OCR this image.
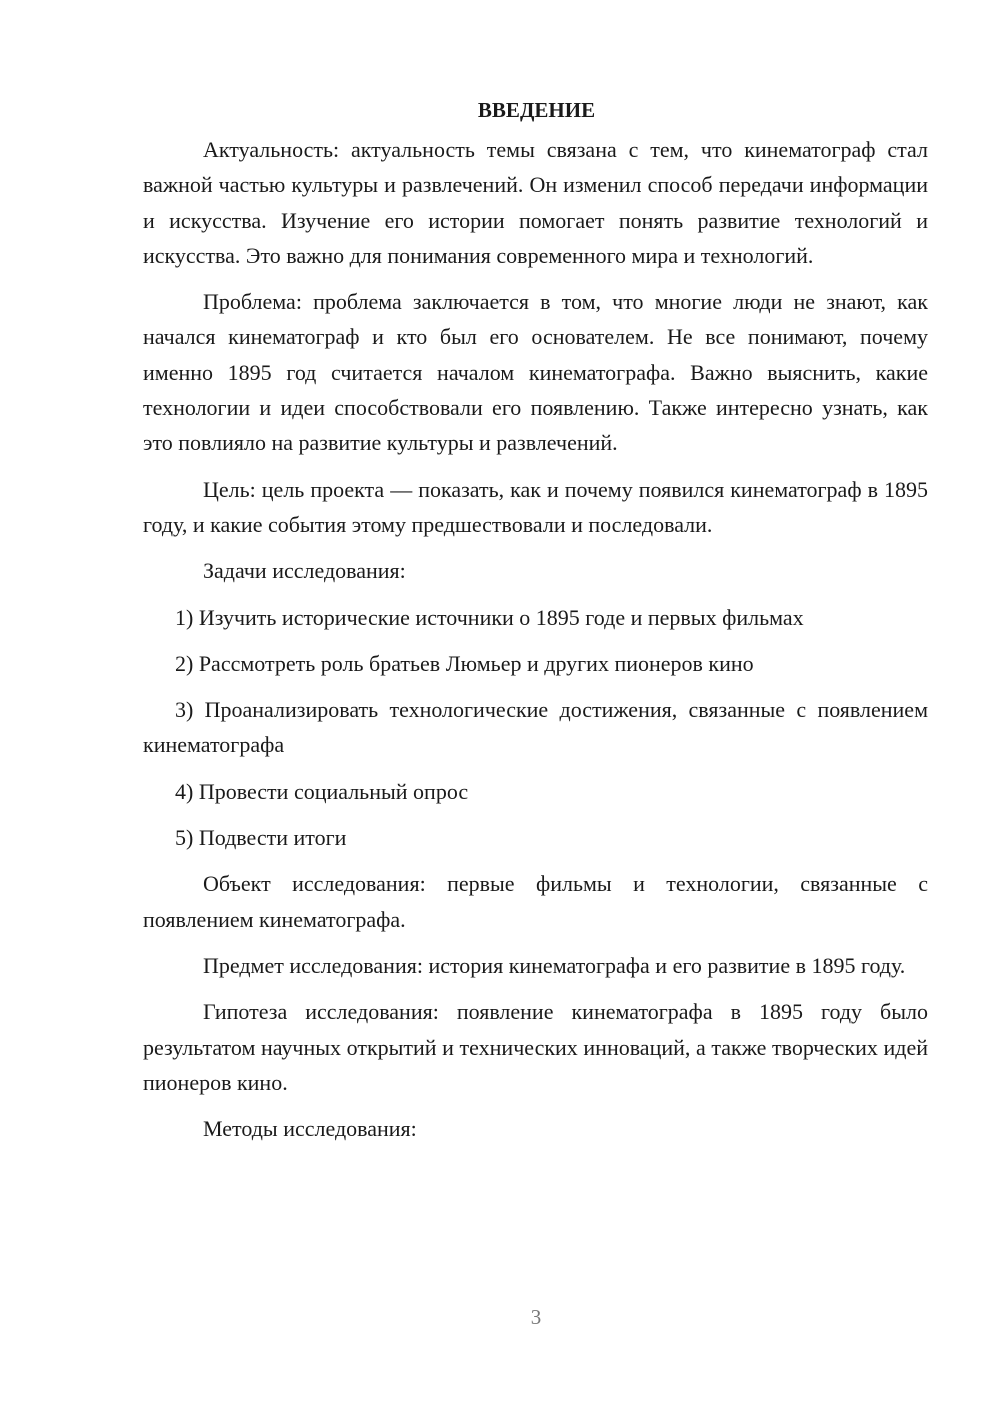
ВВЕДЕНИЕ

Актуальность: актуальность темы связана с тем, что кинематограф стал важной частью культуры и развлечений. Он изменил способ передачи информации и искусства. Изучение его истории помогает понять развитие технологий и искусства. Это важно для понимания современного мира и технологий.

Проблема: проблема заключается в том, что многие люди не знают, как начался кинематограф и кто был его основателем. Не все понимают, почему именно 1895 год считается началом кинематографа. Важно выяснить, какие технологии и идеи способствовали его появлению. Также интересно узнать, как это повлияло на развитие культуры и развлечений.

Цель: цель проекта — показать, как и почему появился кинематограф в 1895 году, и какие события этому предшествовали и последовали.

Задачи исследования:

1) Изучить исторические источники о 1895 годе и первых фильмах

2) Рассмотреть роль братьев Люмьер и других пионеров кино

3) Проанализировать технологические достижения, связанные с появлением кинематографа

4) Провести социальный опрос

5) Подвести итоги

Объект исследования: первые фильмы и технологии, связанные с появлением кинематографа.

Предмет исследования: история кинематографа и его развитие в 1895 году.

Гипотеза исследования: появление кинематографа в 1895 году было результатом научных открытий и технических инноваций, а также творческих идей пионеров кино.

Методы исследования:

3
